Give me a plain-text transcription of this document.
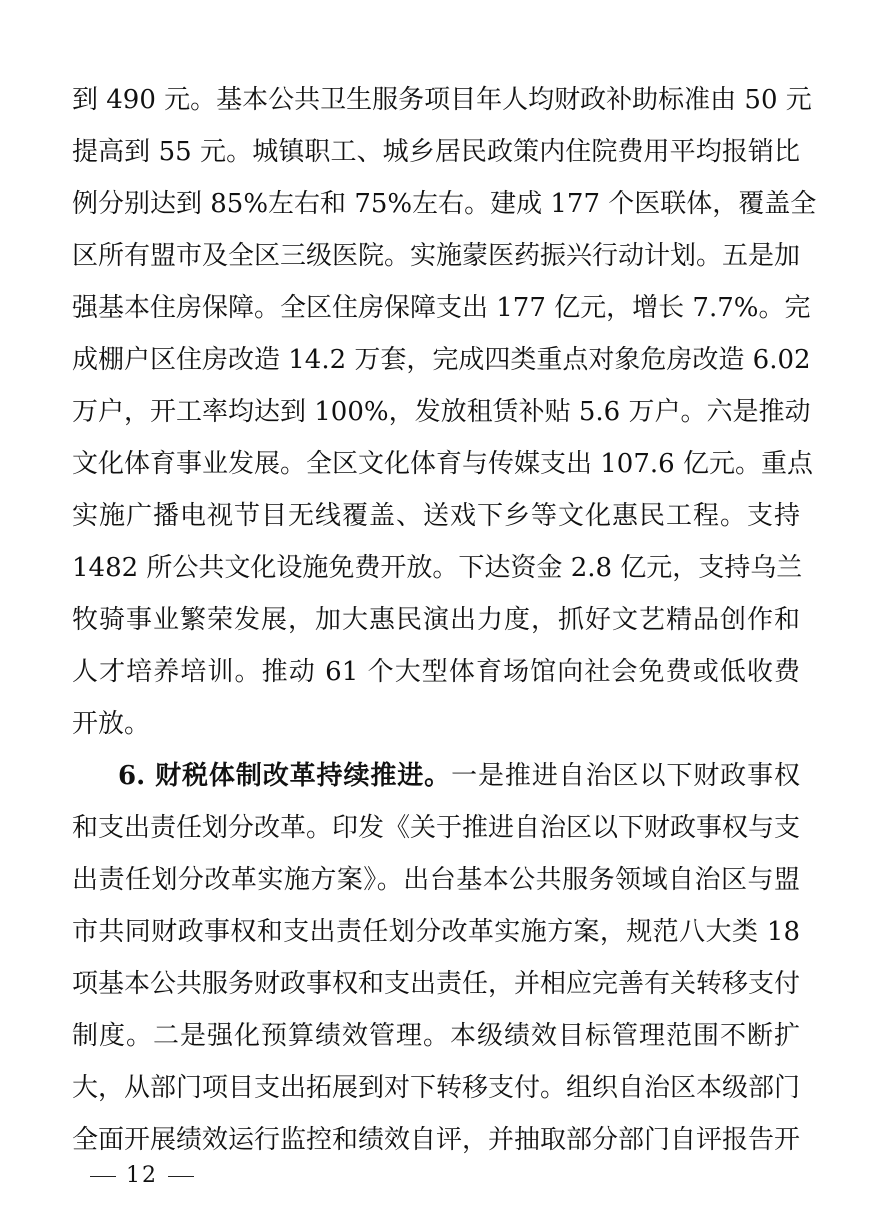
到 490 元。基本公共卫生服务项目年人均财政补助标准由 50 元
提高到 55 元。城镇职工、城乡居民政策内住院费用平均报销比
例分别达到 85%左右和 75%左右。建成 177 个医联体，覆盖全
区所有盟市及全区三级医院。实施蒙医药振兴行动计划。五是加
强基本住房保障。全区住房保障支出 177 亿元，增长 7.7%。完
成棚户区住房改造 14.2 万套，完成四类重点对象危房改造 6.02
万户，开工率均达到 100%，发放租赁补贴 5.6 万户。六是推动
文化体育事业发展。全区文化体育与传媒支出 107.6 亿元。重点
实施广播电视节目无线覆盖、送戏下乡等文化惠民工程。支持
1482 所公共文化设施免费开放。下达资金 2.8 亿元，支持乌兰
牧骑事业繁荣发展，加大惠民演出力度，抓好文艺精品创作和
人才培养培训。推动 61 个大型体育场馆向社会免费或低收费
开放。
6. 财税体制改革持续推进。一是推进自治区以下财政事权
和支出责任划分改革。印发《关于推进自治区以下财政事权与支
出责任划分改革实施方案》。出台基本公共服务领域自治区与盟
市共同财政事权和支出责任划分改革实施方案，规范八大类 18
项基本公共服务财政事权和支出责任，并相应完善有关转移支付
制度。二是强化预算绩效管理。本级绩效目标管理范围不断扩
大，从部门项目支出拓展到对下转移支付。组织自治区本级部门
全面开展绩效运行监控和绩效自评，并抽取部分部门自评报告开
12
